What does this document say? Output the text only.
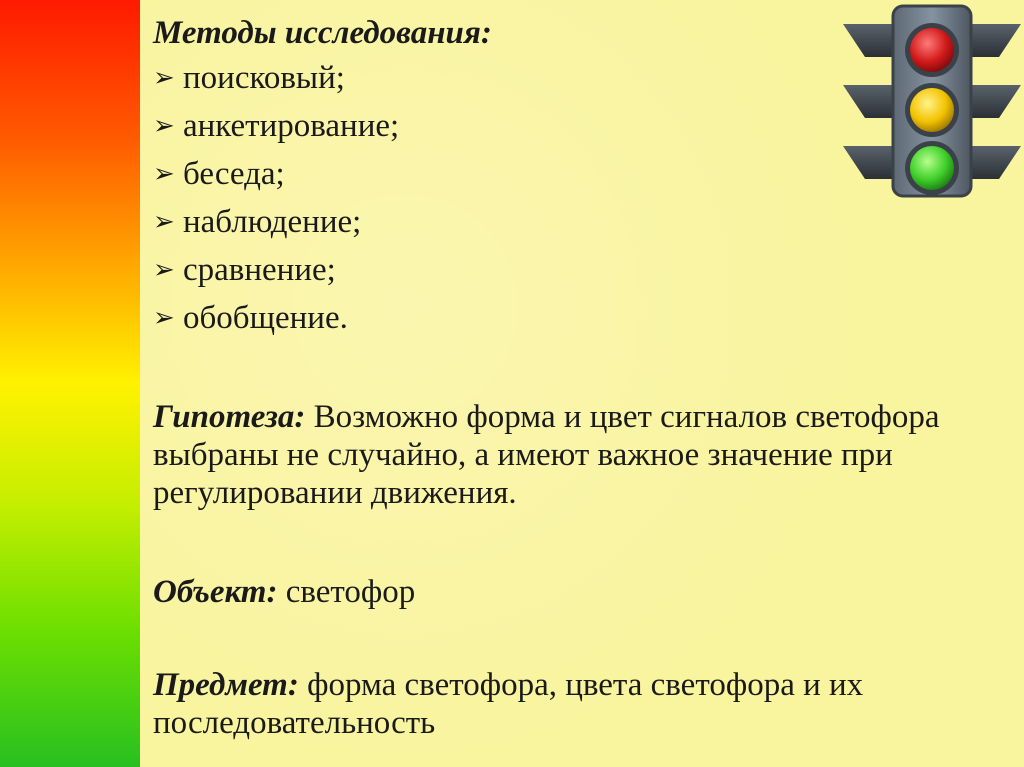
Методы исследования:

➢ поисковый;
➢ анкетирование;
➢ беседа;
➢ наблюдение;
➢ сравнение;
➢ обобщение.

Гипотеза: Возможно форма и цвет сигналов светофора выбраны не случайно, а имеют важное значение при регулировании движения.

Объект: светофор

Предмет: форма светофора, цвета светофора и их последовательность
